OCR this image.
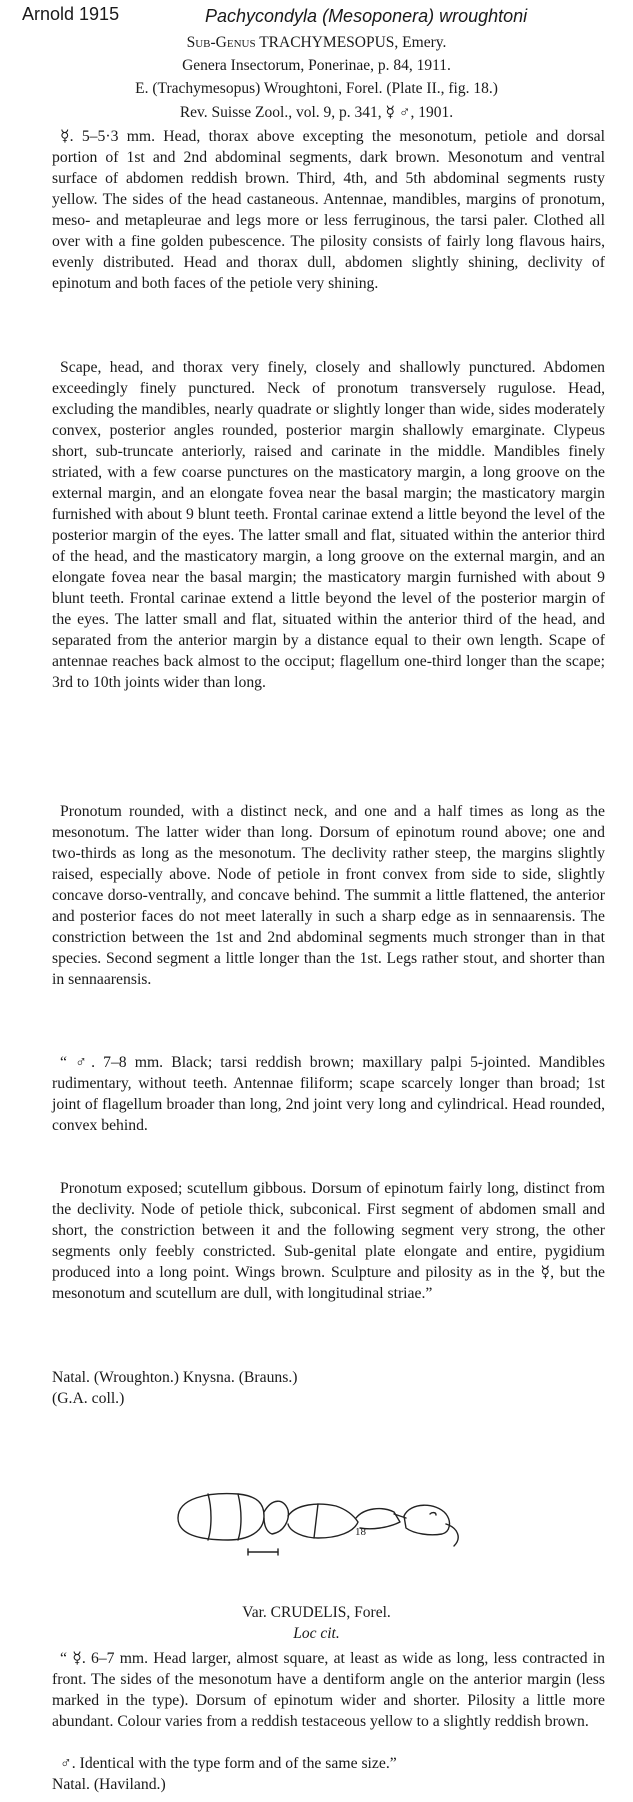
Arnold 1915	Pachycondyla (Mesoponera) wroughtoni
Sub-Genus TRACHYMESOPUS, Emery.
Genera Insectorum, Ponerinae, p. 84, 1911.
E. (Trachymesopus) Wroughtoni, Forel. (Plate II., fig. 18.)
Rev. Suisse Zool., vol. 9, p. 341, ☿ ♂, 1901.

☿. 5–5·3 mm. Head, thorax above excepting the mesonotum, petiole and dorsal portion of 1st and 2nd abdominal segments, dark brown. Mesonotum and ventral surface of abdomen reddish brown. Third, 4th, and 5th abdominal segments rusty yellow. The sides of the head castaneous. Antennae, mandibles, margins of pronotum, meso- and metapleurae and legs more or less ferruginous, the tarsi paler. Clothed all over with a fine golden pubescence. The pilosity consists of fairly long flavous hairs, evenly distributed. Head and thorax dull, abdomen slightly shining, declivity of epinotum and both faces of the petiole very shining.

Scape, head, and thorax very finely, closely and shallowly punctured. Abdomen exceedingly finely punctured. Neck of pronotum transversely rugulose. Head, excluding the mandibles, nearly quadrate or slightly longer than wide, sides moderately convex, posterior angles rounded, posterior margin shallowly emarginate. Clypeus short, sub-truncate anteriorly, raised and carinate in the middle. Mandibles finely striated, with a few coarse punctures on the masticatory margin, a long groove on the external margin, and an elongate fovea near the basal margin; the masticatory margin furnished with about 9 blunt teeth. Frontal carinae extend a little beyond the level of the posterior margin of the eyes. The latter small and flat, situated within the anterior third of the head, and the masticatory margin, a long groove on the external margin, and an elongate fovea near the basal margin; the masticatory margin furnished with about 9 blunt teeth. Frontal carinae extend a little beyond the level of the posterior margin of the eyes. The latter small and flat, situated within the anterior third of the head, and separated from the anterior margin by a distance equal to their own length. Scape of antennae reaches back almost to the occiput; flagellum one-third longer than the scape; 3rd to 10th joints wider than long.

Pronotum rounded, with a distinct neck, and one and a half times as long as the mesonotum. The latter wider than long. Dorsum of epinotum round above; one and two-thirds as long as the mesonotum. The declivity rather steep, the margins slightly raised, especially above. Node of petiole in front convex from side to side, slightly concave dorso-ventrally, and concave behind. The summit a little flattened, the anterior and posterior faces do not meet laterally in such a sharp edge as in sennaarensis. The constriction between the 1st and 2nd abdominal segments much stronger than in that species. Second segment a little longer than the 1st. Legs rather stout, and shorter than in sennaarensis.

“ ♂. 7–8 mm. Black; tarsi reddish brown; maxillary palpi 5-jointed. Mandibles rudimentary, without teeth. Antennae filiform; scape scarcely longer than broad; 1st joint of flagellum broader than long, 2nd joint very long and cylindrical. Head rounded, convex behind.

Pronotum exposed; scutellum gibbous. Dorsum of epinotum fairly long, distinct from the declivity. Node of petiole thick, subconical. First segment of abdomen small and short, the constriction between it and the following segment very strong, the other segments only feebly constricted. Sub-genital plate elongate and entire, pygidium produced into a long point. Wings brown. Sculpture and pilosity as in the ☿, but the mesonotum and scutellum are dull, with longitudinal striae.”

Natal. (Wroughton.) Knysna. (Brauns.)
(G.A. coll.)
18
Var. CRUDELIS, Forel.
Loc cit.

“ ☿. 6–7 mm. Head larger, almost square, at least as wide as long, less contracted in front. The sides of the mesonotum have a dentiform angle on the anterior margin (less marked in the type). Dorsum of epinotum wider and shorter. Pilosity a little more abundant. Colour varies from a reddish testaceous yellow to a slightly reddish brown.

♂. Identical with the type form and of the same size.”

Natal. (Haviland.)
